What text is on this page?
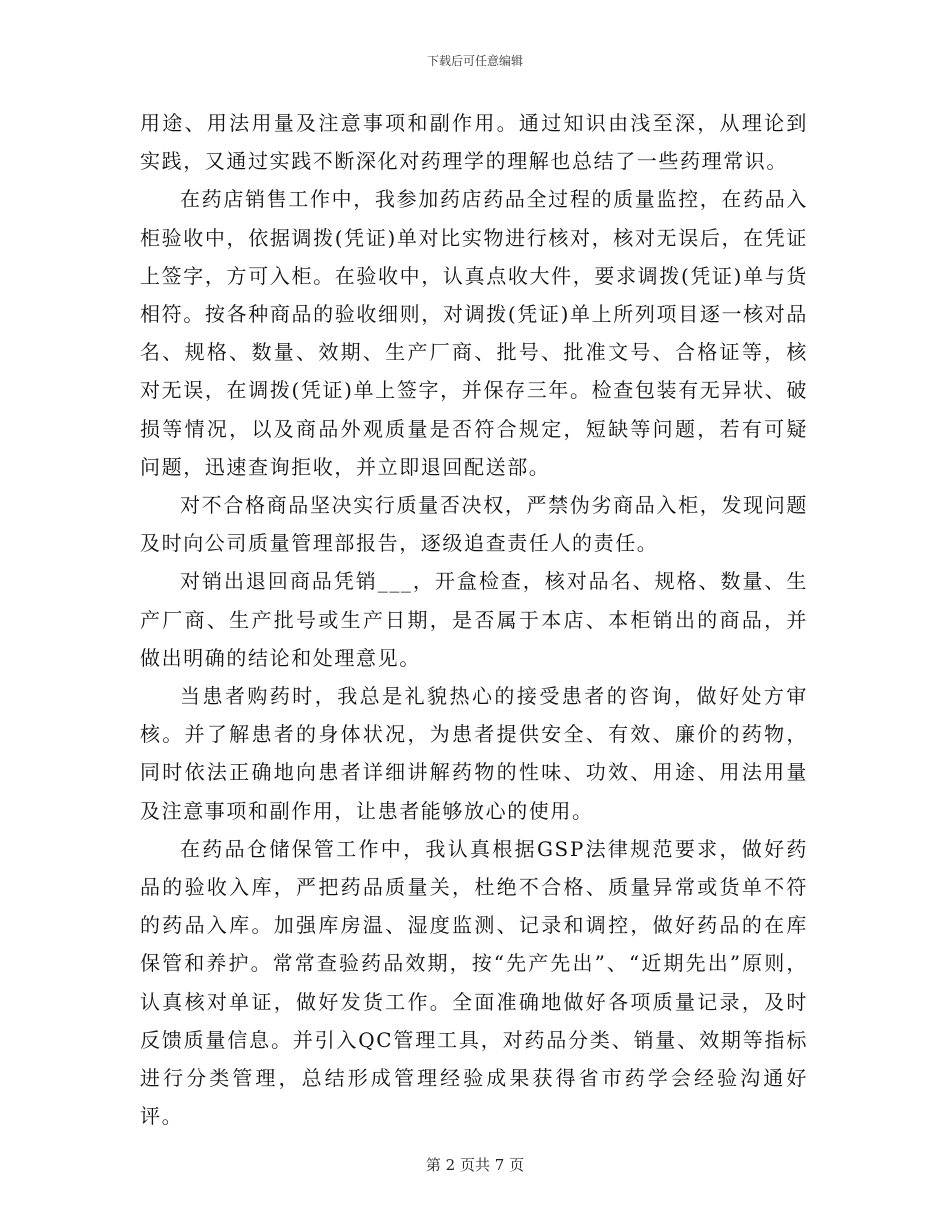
下载后可任意编辑

用途、用法用量及注意事项和副作用。通过知识由浅至深，从理论到实践，又通过实践不断深化对药理学的理解也总结了一些药理常识。

在药店销售工作中，我参加药店药品全过程的质量监控，在药品入柜验收中，依据调拨(凭证)单对比实物进行核对，核对无误后，在凭证上签字，方可入柜。在验收中，认真点收大件，要求调拨(凭证)单与货相符。按各种商品的验收细则，对调拨(凭证)单上所列项目逐一核对品名、规格、数量、效期、生产厂商、批号、批准文号、合格证等，核对无误，在调拨(凭证)单上签字，并保存三年。检查包装有无异状、破损等情况，以及商品外观质量是否符合规定，短缺等问题，若有可疑问题，迅速查询拒收，并立即退回配送部。

对不合格商品坚决实行质量否决权，严禁伪劣商品入柜，发现问题及时向公司质量管理部报告，逐级追查责任人的责任。

对销出退回商品凭销___，开盒检查，核对品名、规格、数量、生产厂商、生产批号或生产日期，是否属于本店、本柜销出的商品，并做出明确的结论和处理意见。

当患者购药时，我总是礼貌热心的接受患者的咨询，做好处方审核。并了解患者的身体状况，为患者提供安全、有效、廉价的药物，同时依法正确地向患者详细讲解药物的性味、功效、用途、用法用量及注意事项和副作用，让患者能够放心的使用。

在药品仓储保管工作中，我认真根据GSP法律规范要求，做好药品的验收入库，严把药品质量关，杜绝不合格、质量异常或货单不符的药品入库。加强库房温、湿度监测、记录和调控，做好药品的在库保管和养护。常常查验药品效期，按“先产先出”、“近期先出”原则，认真核对单证，做好发货工作。全面准确地做好各项质量记录，及时反馈质量信息。并引入QC管理工具，对药品分类、销量、效期等指标进行分类管理，总结形成管理经验成果获得省市药学会经验沟通好评。

第 2 页共 7 页
